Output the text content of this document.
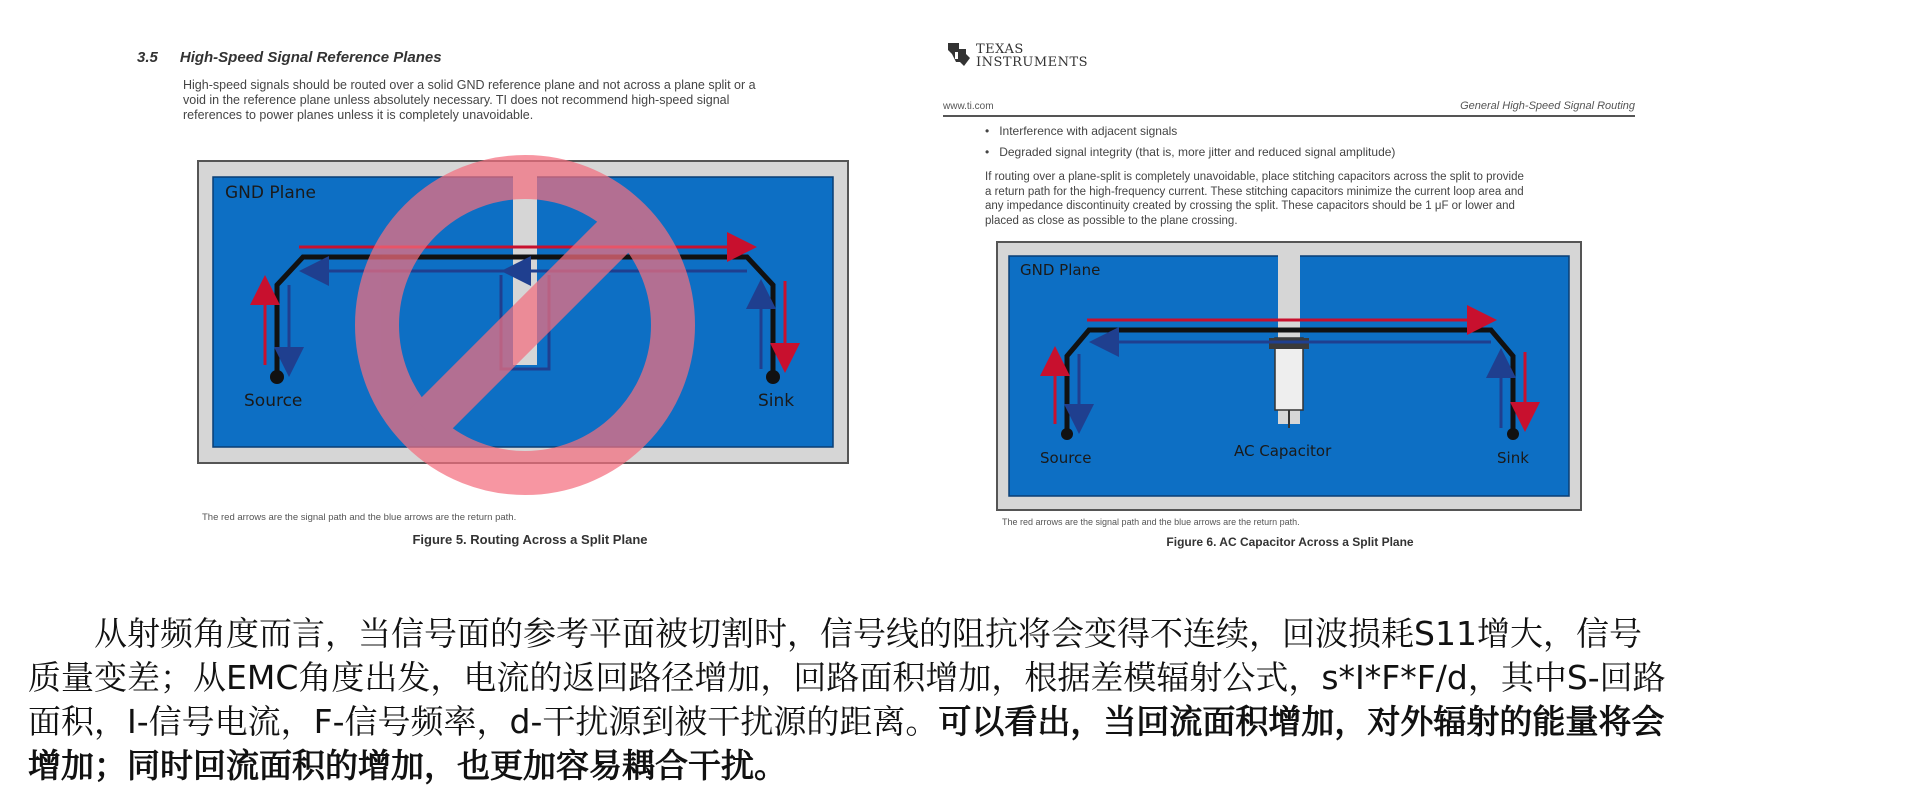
3.5 High-Speed Signal Reference Planes
High-speed signals should be routed over a solid GND reference plane and not across a plane split or a
void in the reference plane unless absolutely necessary. TI does not recommend high-speed signal
references to power planes unless it is completely unavoidable.
GND Plane
Source	Sink
The red arrows are the signal path and the blue arrows are the return path.
Figure 5. Routing Across a Split Plane
TEXAS
INSTRUMENTS
www.ti.com	General High-Speed Signal Routing
•   Interference with adjacent signals
•   Degraded signal integrity (that is, more jitter and reduced signal amplitude)
If routing over a plane-split is completely unavoidable, place stitching capacitors across the split to provide
a return path for the high-frequency current. These stitching capacitors minimize the current loop area and
any impedance discontinuity created by crossing the split. These capacitors should be 1 μF or lower and
placed as close as possible to the plane crossing.
GND Plane
Source	AC Capacitor	Sink
The red arrows are the signal path and the blue arrows are the return path.
Figure 6. AC Capacitor Across a Split Plane
从射频角度而言，当信号面的参考平面被切割时，信号线的阻抗将会变得不连续，回波损耗S11增大，信号
质量变差；从EMC角度出发，电流的返回路径增加，回路面积增加，根据差模辐射公式，s*I*F*F/d，其中S-回路
面积，I-信号电流，F-信号频率，d-干扰源到被干扰源的距离。可以看出，当回流面积增加，对外辐射的能量将会
增加；同时回流面积的增加，也更加容易耦合干扰。
